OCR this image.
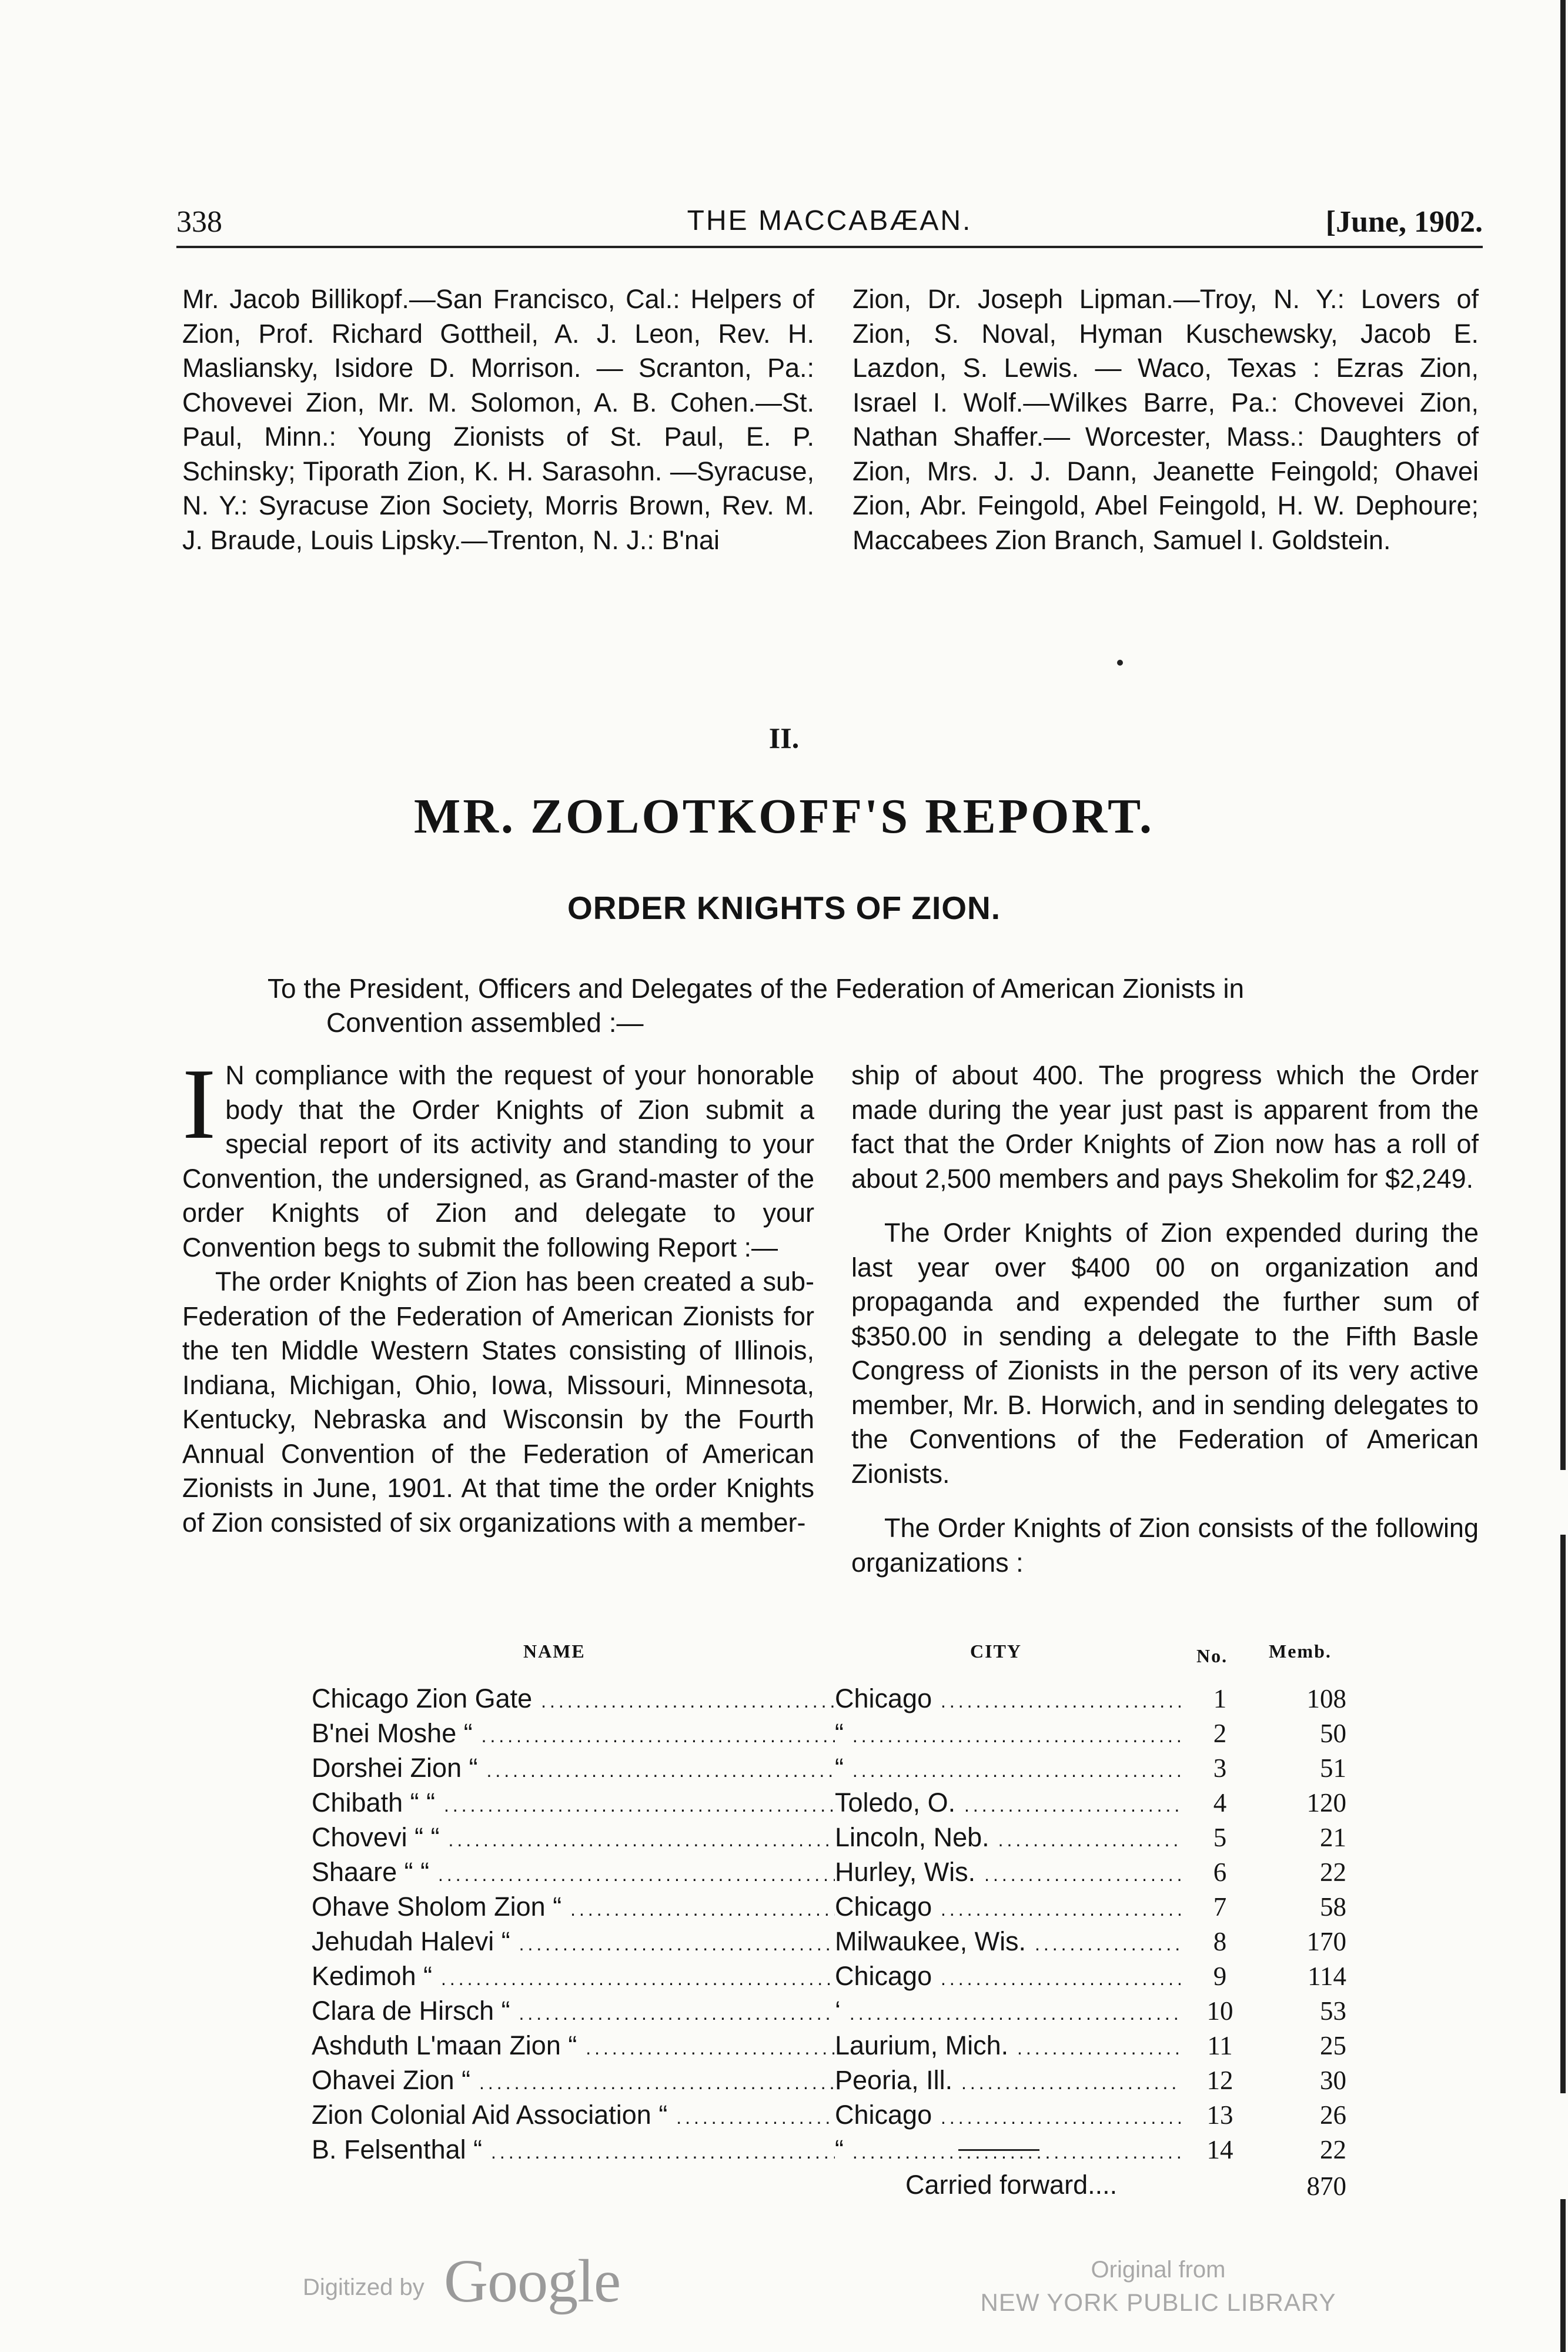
338	THE MACCABÆAN.	[June, 1902.

Mr. Jacob Billikopf.—San Francisco, Cal.: Helpers of Zion, Prof. Richard Gottheil, A. J. Leon, Rev. H. Masliansky, Isidore D. Morrison. — Scranton, Pa.: Chovevei Zion, Mr. M. Solomon, A. B. Cohen.—St. Paul, Minn.: Young Zionists of St. Paul, E. P. Schinsky; Tiporath Zion, K. H. Sarasohn. —Syracuse, N. Y.: Syracuse Zion Society, Morris Brown, Rev. M. J. Braude, Louis Lipsky.—Trenton, N. J.: B'nai

Zion, Dr. Joseph Lipman.—Troy, N. Y.: Lovers of Zion, S. Noval, Hyman Kuschewsky, Jacob E. Lazdon, S. Lewis. — Waco, Texas : Ezras Zion, Israel I. Wolf.—Wilkes Barre, Pa.: Chovevei Zion, Nathan Shaffer.— Worcester, Mass.: Daughters of Zion, Mrs. J. J. Dann, Jeanette Feingold; Ohavei Zion, Abr. Feingold, Abel Feingold, H. W. Dephoure; Maccabees Zion Branch, Samuel I. Goldstein.

II.
MR. ZOLOTKOFF'S REPORT.
ORDER KNIGHTS OF ZION.

To the President, Officers and Delegates of the Federation of American Zionists in

Convention assembled :—

I N compliance with the request of your honorable body that the Order Knights of Zion submit a special report of its activity and standing to your Convention, the undersigned, as Grand-master of the order Knights of Zion and delegate to your Convention begs to submit the following Report :—

The order Knights of Zion has been created a sub-Federation of the Federation of American Zionists for the ten Middle Western States consisting of Illinois, Indiana, Michigan, Ohio, Iowa, Missouri, Minnesota, Kentucky, Nebraska and Wisconsin by the Fourth Annual Convention of the Federation of American Zionists in June, 1901. At that time the order Knights of Zion consisted of six organizations with a member-

ship of about 400. The progress which the Order made during the year just past is apparent from the fact that the Order Knights of Zion now has a roll of about 2,500 members and pays Shekolim for $2,249.

The Order Knights of Zion expended during the last year over $400 00 on organization and propaganda and expended the further sum of $350.00 in sending a delegate to the Fifth Basle Congress of Zionists in the person of its very active member, Mr. B. Horwich, and in sending delegates to the Conventions of the Federation of American Zionists.

The Order Knights of Zion consists of the following organizations :

NAME	CITY	No. Memb.
Chicago Zion Gate .....	Chicago .....	1	108
B'nei Moshe “ .....	“ .....	2	50
Dorshei Zion “ .....	“ .....	3	51
Chibath “ “ .....	Toledo, O. .....	4	120
Chovevi “ “ .....	Lincoln, Neb. .....	5	21
Shaare “ “ .....	Hurley, Wis. .....	6	22
Ohave Sholom Zion “ .....	Chicago .....	7	58
Jehudah Halevi “ .....	Milwaukee, Wis. .....	8	170
Kedimoh “ .....	Chicago .....	9	114
Clara de Hirsch “ .....	‘ .....	10	53
Ashduth L'maan Zion “ .....	Laurium, Mich. .....	11	25
Ohavei Zion “ .....	Peoria, Ill. .....	12	30
Zion Colonial Aid Association “ .....	Chicago .....	13	26
B. Felsenthal “ .....	“ .....	14	22
Carried forward....	870
Digitized by Google	Original from
NEW YORK PUBLIC LIBRARY
